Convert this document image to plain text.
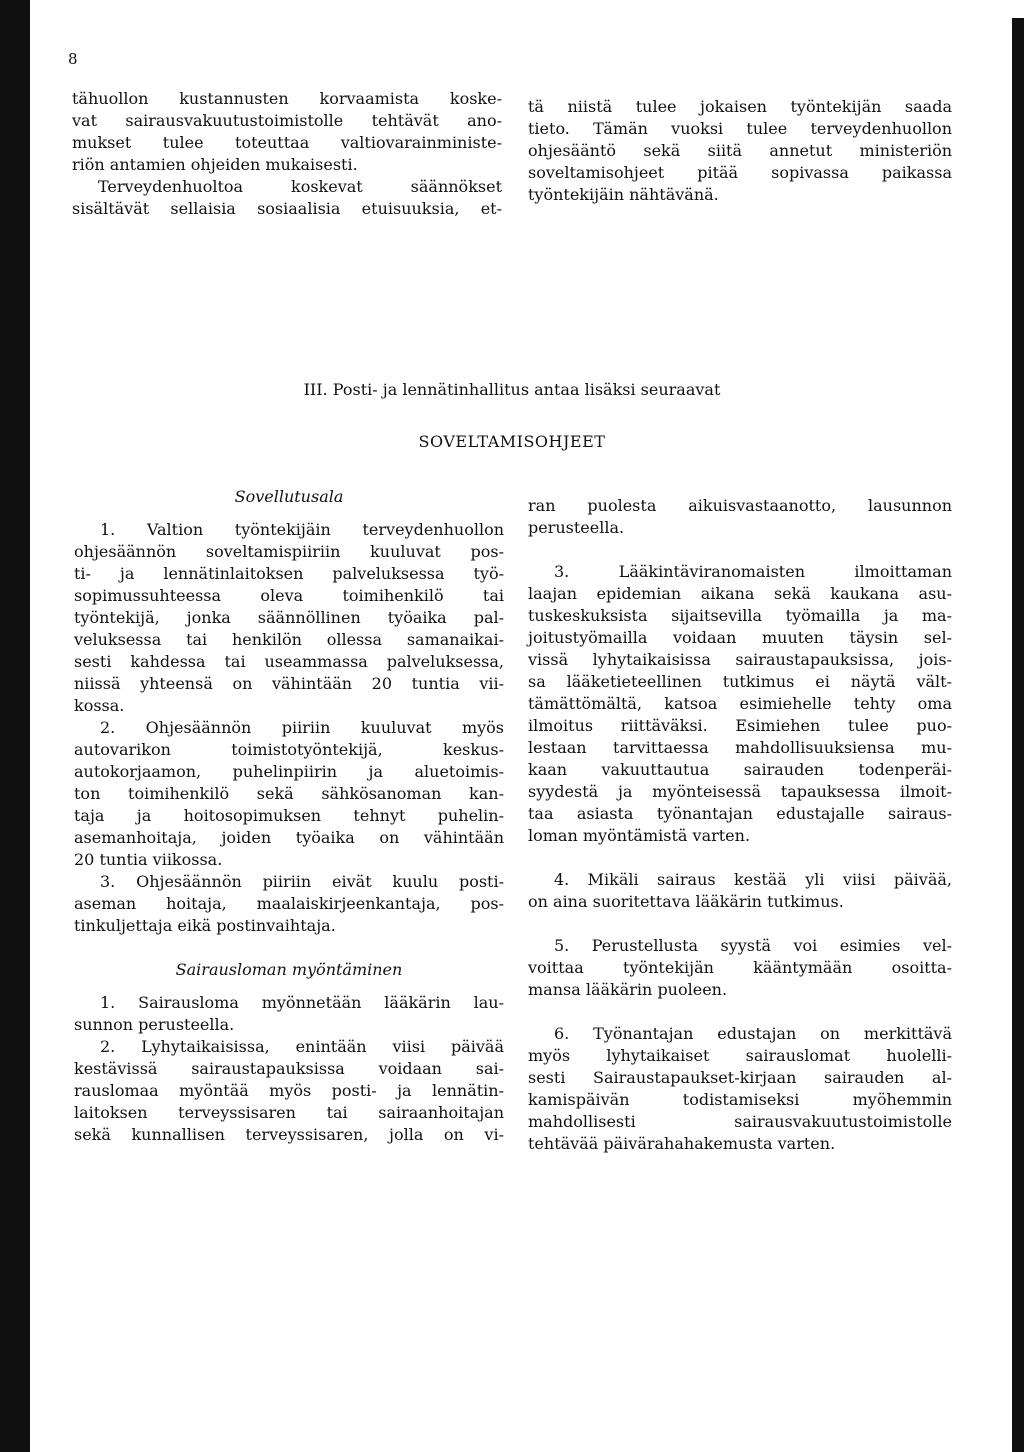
8
tähuollon kustannusten korvaamista koske-
vat sairausvakuutustoimistolle tehtävät ano-
mukset tulee toteuttaa valtiovarainministe-
riön antamien ohjeiden mukaisesti.
Terveydenhuoltoa koskevat säännökset
sisältävät sellaisia sosiaalisia etuisuuksia, et-
tä niistä tulee jokaisen työntekijän saada
tieto. Tämän vuoksi tulee terveydenhuollon
ohjesääntö sekä siitä annetut ministeriön
soveltamisohjeet pitää sopivassa paikassa
työntekijäin nähtävänä.
III. Posti- ja lennätinhallitus antaa lisäksi seuraavat
SOVELTAMISOHJEET
Sovellutusala
1. Valtion työntekijäin terveydenhuollon
ohjesäännön soveltamispiiriin kuuluvat pos-
ti- ja lennätinlaitoksen palveluksessa työ-
sopimussuhteessa oleva toimihenkilö tai
työntekijä, jonka säännöllinen työaika pal-
veluksessa tai henkilön ollessa samanaikai-
sesti kahdessa tai useammassa palveluksessa,
niissä yhteensä on vähintään 20 tuntia vii-
kossa.
2. Ohjesäännön piiriin kuuluvat myös
autovarikon toimistotyöntekijä, keskus-
autokorjaamon, puhelinpiirin ja aluetoimis-
ton toimihenkilö sekä sähkösanoman kan-
taja ja hoitosopimuksen tehnyt puhelin-
asemanhoitaja, joiden työaika on vähintään
20 tuntia viikossa.
3. Ohjesäännön piiriin eivät kuulu posti-
aseman hoitaja, maalaiskirjeenkantaja, pos-
tinkuljettaja eikä postinvaihtaja.
Sairausloman myöntäminen
1. Sairausloma myönnetään lääkärin lau-
sunnon perusteella.
2. Lyhytaikaisissa, enintään viisi päivää
kestävissä sairaustapauksissa voidaan sai-
rauslomaa myöntää myös posti- ja lennätin-
laitoksen terveyssisaren tai sairaanhoitajan
sekä kunnallisen terveyssisaren, jolla on vi-
ran puolesta aikuisvastaanotto, lausunnon
perusteella.
3. Lääkintäviranomaisten ilmoittaman
laajan epidemian aikana sekä kaukana asu-
tuskeskuksista sijaitsevilla työmailla ja ma-
joitustyömailla voidaan muuten täysin sel-
vissä lyhytaikaisissa sairaustapauksissa, jois-
sa lääketieteellinen tutkimus ei näytä vält-
tämättömältä, katsoa esimiehelle tehty oma
ilmoitus riittäväksi. Esimiehen tulee puo-
lestaan tarvittaessa mahdollisuuksiensa mu-
kaan vakuuttautua sairauden todenperäi-
syydestä ja myönteisessä tapauksessa ilmoit-
taa asiasta työnantajan edustajalle sairaus-
loman myöntämistä varten.
4. Mikäli sairaus kestää yli viisi päivää,
on aina suoritettava lääkärin tutkimus.
5. Perustellusta syystä voi esimies vel-
voittaa työntekijän kääntymään osoitta-
mansa lääkärin puoleen.
6. Työnantajan edustajan on merkittävä
myös lyhytaikaiset sairauslomat huolelli-
sesti Sairaustapaukset-kirjaan sairauden al-
kamispäivän todistamiseksi myöhemmin
mahdollisesti sairausvakuutustoimistolle
tehtävää päivärahahakemusta varten.
